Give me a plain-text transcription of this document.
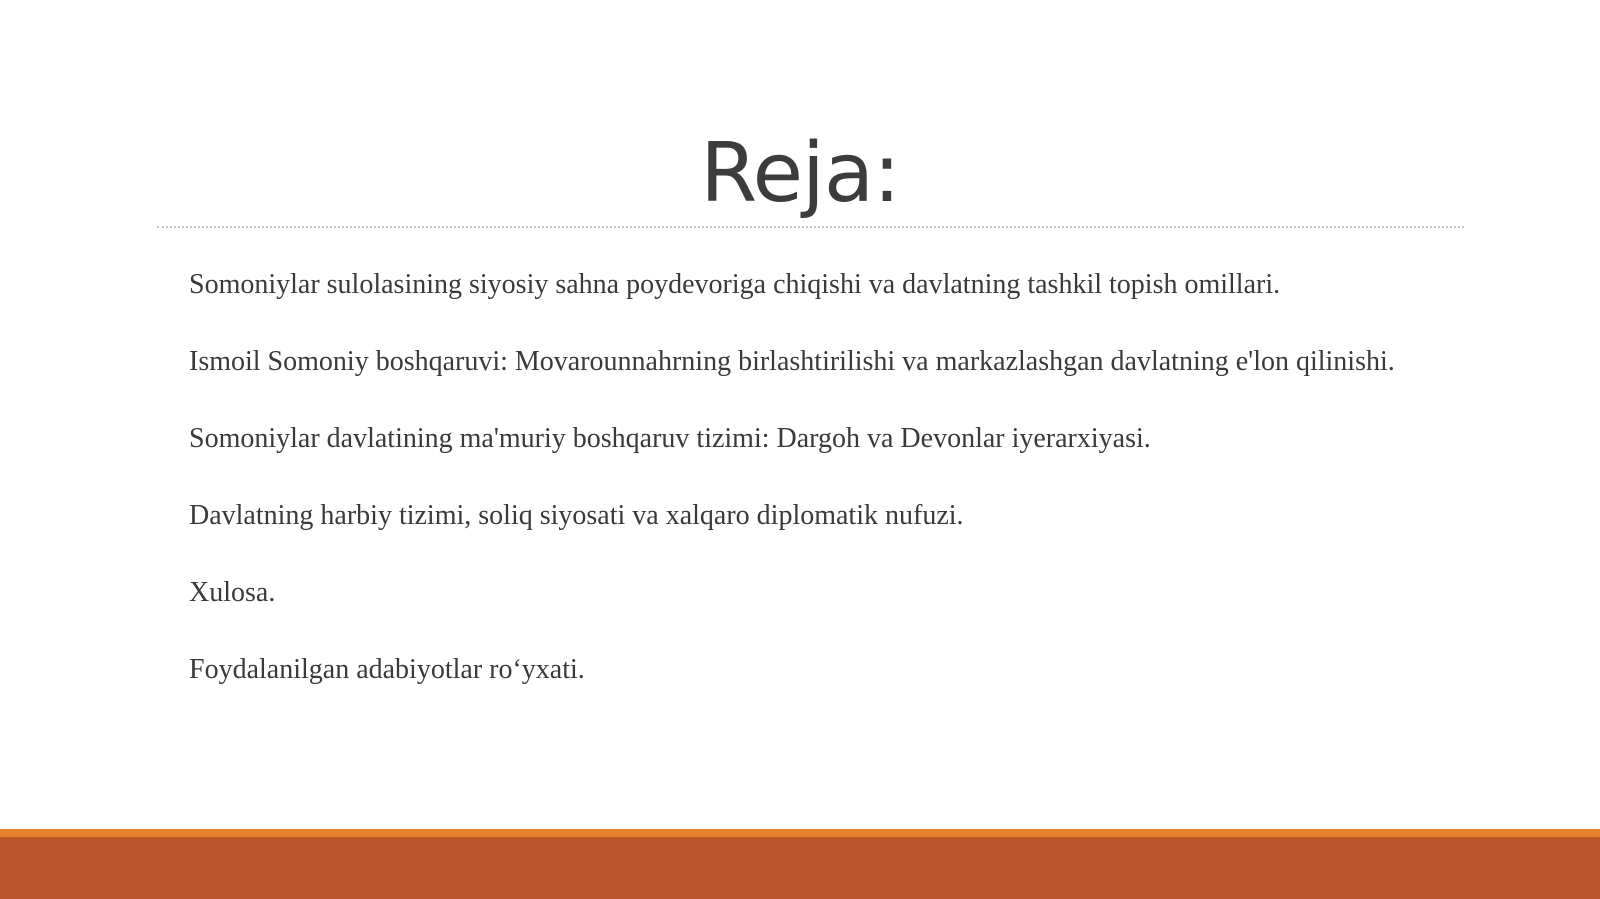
Reja:

Somoniylar sulolasining siyosiy sahna poydevoriga chiqishi va davlatning tashkil topish omillari.

Ismoil Somoniy boshqaruvi: Movarounnahrning birlashtirilishi va markazlashgan davlatning e'lon qilinishi.

Somoniylar davlatining ma'muriy boshqaruv tizimi: Dargoh va Devonlar iyerarxiyasi.

Davlatning harbiy tizimi, soliq siyosati va xalqaro diplomatik nufuzi.

Xulosa.

Foydalanilgan adabiyotlar ro‘yxati.
